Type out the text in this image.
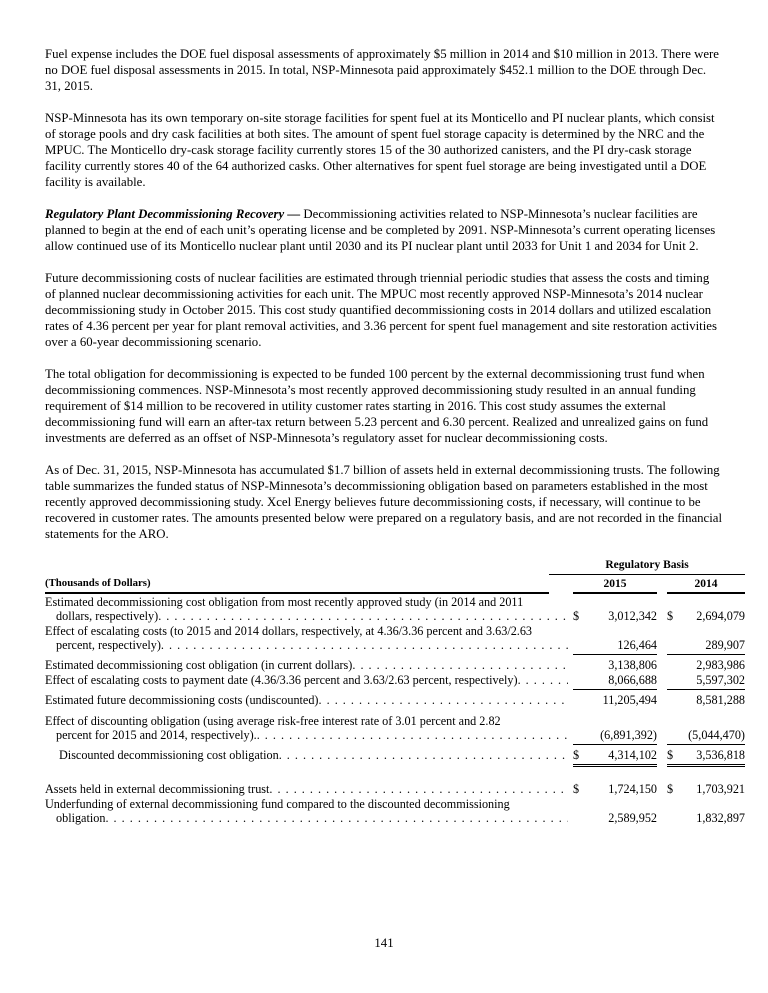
Fuel expense includes the DOE fuel disposal assessments of approximately $5 million in 2014 and $10 million in 2013. There were no DOE fuel disposal assessments in 2015. In total, NSP-Minnesota paid approximately $452.1 million to the DOE through Dec. 31, 2015.

NSP-Minnesota has its own temporary on-site storage facilities for spent fuel at its Monticello and PI nuclear plants, which consist of storage pools and dry cask facilities at both sites. The amount of spent fuel storage capacity is determined by the NRC and the MPUC. The Monticello dry-cask storage facility currently stores 15 of the 30 authorized canisters, and the PI dry-cask storage facility currently stores 40 of the 64 authorized casks. Other alternatives for spent fuel storage are being investigated until a DOE facility is available.

Regulatory Plant Decommissioning Recovery — Decommissioning activities related to NSP-Minnesota’s nuclear facilities are planned to begin at the end of each unit’s operating license and be completed by 2091. NSP-Minnesota’s current operating licenses allow continued use of its Monticello nuclear plant until 2030 and its PI nuclear plant until 2033 for Unit 1 and 2034 for Unit 2.

Future decommissioning costs of nuclear facilities are estimated through triennial periodic studies that assess the costs and timing of planned nuclear decommissioning activities for each unit. The MPUC most recently approved NSP-Minnesota’s 2014 nuclear decommissioning study in October 2015. This cost study quantified decommissioning costs in 2014 dollars and utilized escalation rates of 4.36 percent per year for plant removal activities, and 3.36 percent for spent fuel management and site restoration activities over a 60-year decommissioning scenario.

The total obligation for decommissioning is expected to be funded 100 percent by the external decommissioning trust fund when decommissioning commences. NSP-Minnesota’s most recently approved decommissioning study resulted in an annual funding requirement of $14 million to be recovered in utility customer rates starting in 2016. This cost study assumes the external decommissioning fund will earn an after-tax return between 5.23 percent and 6.30 percent. Realized and unrealized gains on fund investments are deferred as an offset of NSP-Minnesota’s regulatory asset for nuclear decommissioning costs.

As of Dec. 31, 2015, NSP-Minnesota has accumulated $1.7 billion of assets held in external decommissioning trusts. The following table summarizes the funded status of NSP-Minnesota’s decommissioning obligation based on parameters established in the most recently approved decommissioning study. Xcel Energy believes future decommissioning costs, if necessary, will continue to be recovered in customer rates. The amounts presented below were prepared on a regulatory basis, and are not recorded in the financial statements for the ARO.

(Thousands of Dollars)
Regulatory Basis
2015	2014
Estimated decommissioning cost obligation from most recently approved study (in 2014 and 2011
dollars, respectively) . . .	$ 3,012,342 $ 2,694,079
Effect of escalating costs (to 2015 and 2014 dollars, respectively, at 4.36/3.36 percent and 3.63/2.63
percent, respectively) . . .	126,464	289,907
Estimated decommissioning cost obligation (in current dollars) . . .	3,138,806	2,983,986
Effect of escalating costs to payment date (4.36/3.36 percent and 3.63/2.63 percent, respectively) . . .	8,066,688	5,597,302
Estimated future decommissioning costs (undiscounted) . . .	11,205,494	8,581,288
Effect of discounting obligation (using average risk-free interest rate of 3.01 percent and 2.82
percent for 2015 and 2014, respectively). . . .	(6,891,392)	(5,044,470)
Discounted decommissioning cost obligation . . .	$ 4,314,102 $ 3,536,818
Assets held in external decommissioning trust . . .	$ 1,724,150 $ 1,703,921
Underfunding of external decommissioning fund compared to the discounted decommissioning
obligation . . .	2,589,952	1,832,897
141
